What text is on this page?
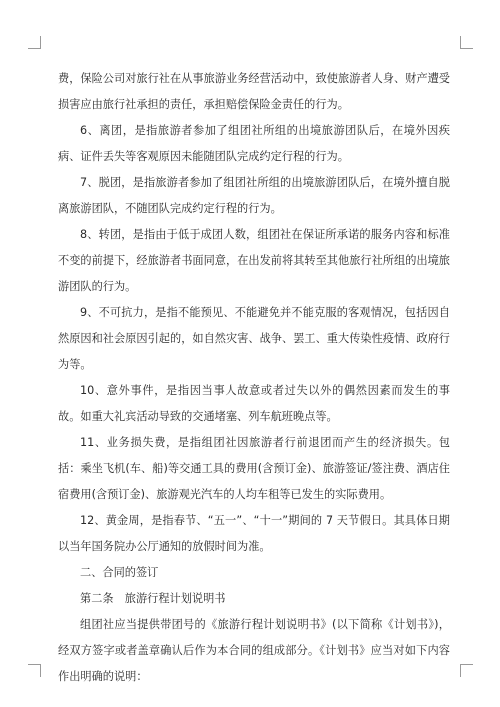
费，保险公司对旅行社在从事旅游业务经营活动中，致使旅游者人身、财产遭受损害应由旅行社承担的责任，承担赔偿保险金责任的行为。

6、离团，是指旅游者参加了组团社所组的出境旅游团队后，在境外因疾病、证件丢失等客观原因未能随团队完成约定行程的行为。

7、脱团，是指旅游者参加了组团社所组的出境旅游团队后，在境外擅自脱离旅游团队，不随团队完成约定行程的行为。

8、转团，是指由于低于成团人数，组团社在保证所承诺的服务内容和标准不变的前提下，经旅游者书面同意，在出发前将其转至其他旅行社所组的出境旅游团队的行为。

9、不可抗力，是指不能预见、不能避免并不能克服的客观情况，包括因自然原因和社会原因引起的，如自然灾害、战争、罢工、重大传染性疫情、政府行为等。

10、意外事件，是指因当事人故意或者过失以外的偶然因素而发生的事故。如重大礼宾活动导致的交通堵塞、列车航班晚点等。

11、业务损失费，是指组团社因旅游者行前退团而产生的经济损失。包括：乘坐飞机(车、船)等交通工具的费用(含预订金)、旅游签证/签注费、酒店住宿费用(含预订金)、旅游观光汽车的人均车租等已发生的实际费用。

12、黄金周，是指春节、“五一”、“十一”期间的 7 天节假日。其具体日期以当年国务院办公厅通知的放假时间为准。

二、合同的签订

第二条　旅游行程计划说明书

组团社应当提供带团号的《旅游行程计划说明书》(以下简称《计划书》)，经双方签字或者盖章确认后作为本合同的组成部分。《计划书》应当对如下内容作出明确的说明：
